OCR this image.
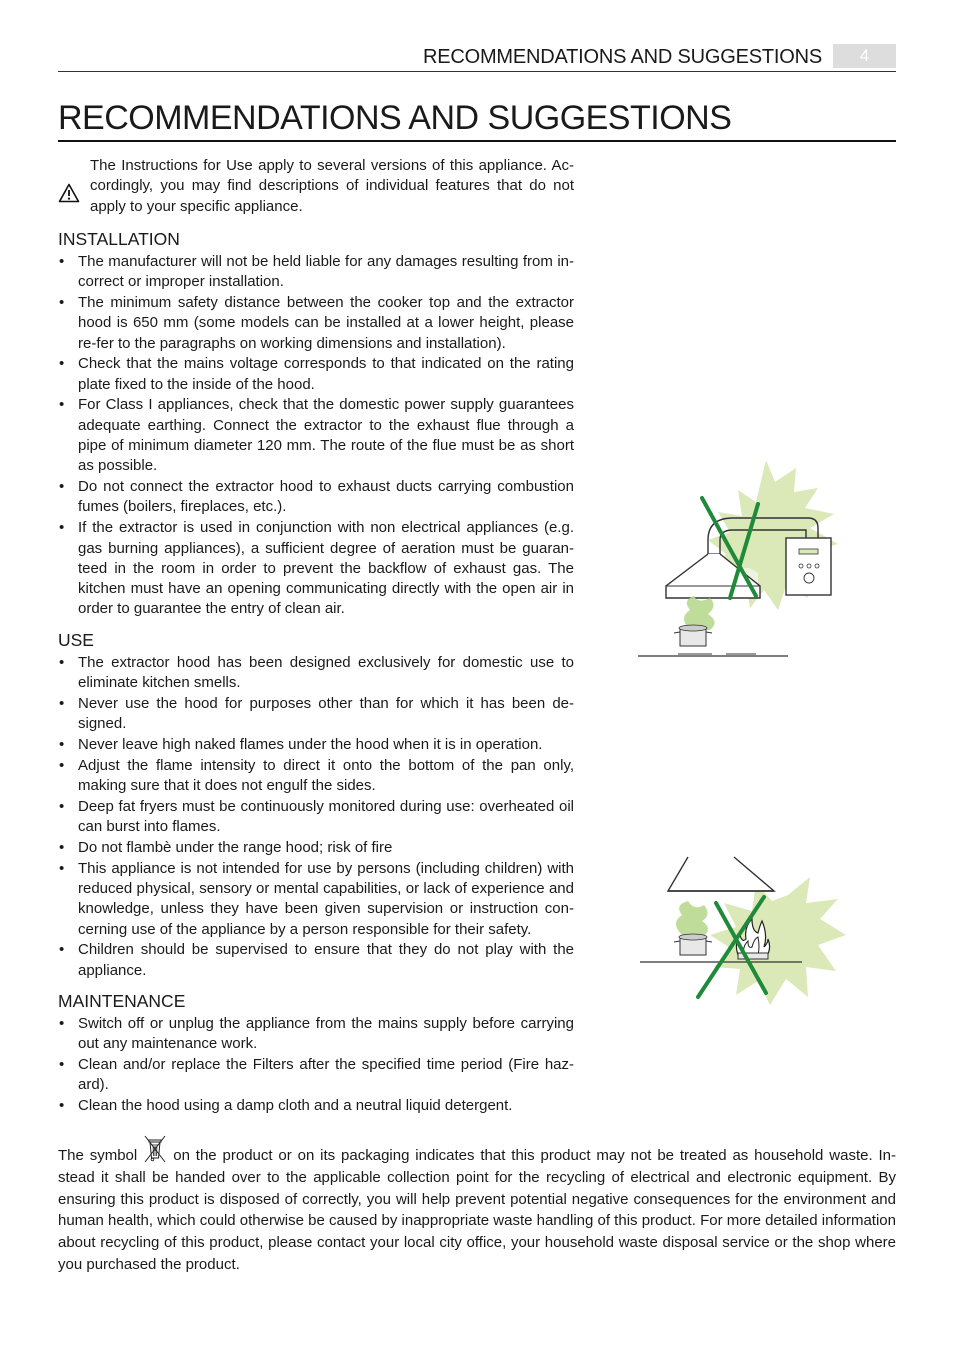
RECOMMENDATIONS AND SUGGESTIONS	4
RECOMMENDATIONS AND SUGGESTIONS
The Instructions for Use apply to several versions of this appliance. Ac-cordingly, you may find descriptions of individual features that do not apply to your specific appliance.
INSTALLATION
• The manufacturer will not be held liable for any damages resulting from in-correct or improper installation.
• The minimum safety distance between the cooker top and the extractor hood is 650 mm (some models can be installed at a lower height, please re-fer to the paragraphs on working dimensions and installation).
• Check that the mains voltage corresponds to that indicated on the rating plate fixed to the inside of the hood.
• For Class I appliances, check that the domestic power supply guarantees adequate earthing. Connect the extractor to the exhaust flue through a pipe of minimum diameter 120 mm. The route of the flue must be as short as possible.
• Do not connect the extractor hood to exhaust ducts carrying combustion fumes (boilers, fireplaces, etc.).
• If the extractor is used in conjunction with non electrical appliances (e.g. gas burning appliances), a sufficient degree of aeration must be guaran-teed in the room in order to prevent the backflow of exhaust gas. The kitchen must have an opening communicating directly with the open air in order to guarantee the entry of clean air.
USE
• The extractor hood has been designed exclusively for domestic use to eliminate kitchen smells.
• Never use the hood for purposes other than for which it has been de-signed.
• Never leave high naked flames under the hood when it is in operation.
• Adjust the flame intensity to direct it onto the bottom of the pan only, making sure that it does not engulf the sides.
• Deep fat fryers must be continuously monitored during use: overheated oil can burst into flames.
• Do not flambè under the range hood; risk of fire
• This appliance is not intended for use by persons (including children) with reduced physical, sensory or mental capabilities, or lack of experience and knowledge, unless they have been given supervision or instruction con-cerning use of the appliance by a person responsible for their safety.
• Children should be supervised to ensure that they do not play with the appliance.
MAINTENANCE
• Switch off or unplug the appliance from the mains supply before carrying out any maintenance work.
• Clean and/or replace the Filters after the specified time period (Fire haz-ard).
• Clean the hood using a damp cloth and a neutral liquid detergent.
The symbol on the product or on its packaging indicates that this product may not be treated as household waste. In-stead it shall be handed over to the applicable collection point for the recycling of electrical and electronic equipment. By ensuring this product is disposed of correctly, you will help prevent potential negative consequences for the environment and human health, which could otherwise be caused by inappropriate waste handling of this product. For more detailed information about recycling of this product, please contact your local city office, your household waste disposal service or the shop where you purchased the product.
